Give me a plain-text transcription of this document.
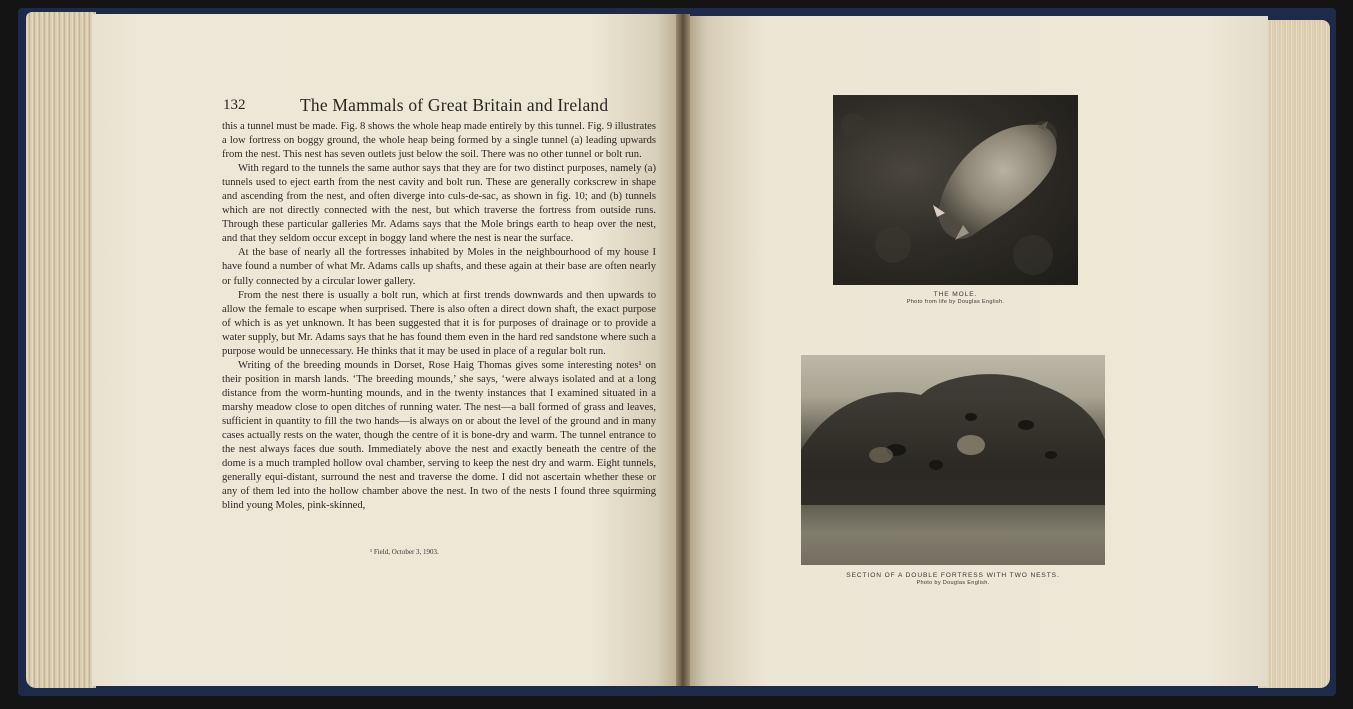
132	The Mammals of Great Britain and Ireland

this a tunnel must be made. Fig. 8 shows the whole heap made entirely by this tunnel. Fig. 9 illustrates a low fortress on boggy ground, the whole heap being formed by a single tunnel (a) leading upwards from the nest. This nest has seven outlets just below the soil. There was no other tunnel or bolt run.

With regard to the tunnels the same author says that they are for two distinct purposes, namely (a) tunnels used to eject earth from the nest cavity and bolt run. These are generally corkscrew in shape and ascending from the nest, and often diverge into culs-de-sac, as shown in fig. 10; and (b) tunnels which are not directly connected with the nest, but which traverse the fortress from outside runs. Through these particular galleries Mr. Adams says that the Mole brings earth to heap over the nest, and that they seldom occur except in boggy land where the nest is near the surface.

At the base of nearly all the fortresses inhabited by Moles in the neighbourhood of my house I have found a number of what Mr. Adams calls up shafts, and these again at their base are often nearly or fully connected by a circular lower gallery.

From the nest there is usually a bolt run, which at first trends downwards and then upwards to allow the female to escape when surprised. There is also often a direct down shaft, the exact purpose of which is as yet unknown. It has been suggested that it is for purposes of drainage or to provide a water supply, but Mr. Adams says that he has found them even in the hard red sandstone where such a purpose would be unnecessary. He thinks that it may be used in place of a regular bolt run.

Writing of the breeding mounds in Dorset, Rose Haig Thomas gives some interesting notes¹ on their position in marsh lands. ‘The breeding mounds,’ she says, ‘were always isolated and at a long distance from the worm-hunting mounds, and in the twenty instances that I examined situated in a marshy meadow close to open ditches of running water. The nest—a ball formed of grass and leaves, sufficient in quantity to fill the two hands—is always on or about the level of the ground and in many cases actually rests on the water, though the centre of it is bone-dry and warm. The tunnel entrance to the nest always faces due south. Immediately above the nest and exactly beneath the centre of the dome is a much trampled hollow oval chamber, serving to keep the nest dry and warm. Eight tunnels, generally equi-distant, surround the nest and traverse the dome. I did not ascertain whether these or any of them led into the hollow chamber above the nest. In two of the nests I found three squirming blind young Moles, pink-skinned,

¹ Field, October 3, 1903.
THE MOLE.
Photo from life by Douglas English.
SECTION OF A DOUBLE FORTRESS WITH TWO NESTS.
Photo by Douglas English.
